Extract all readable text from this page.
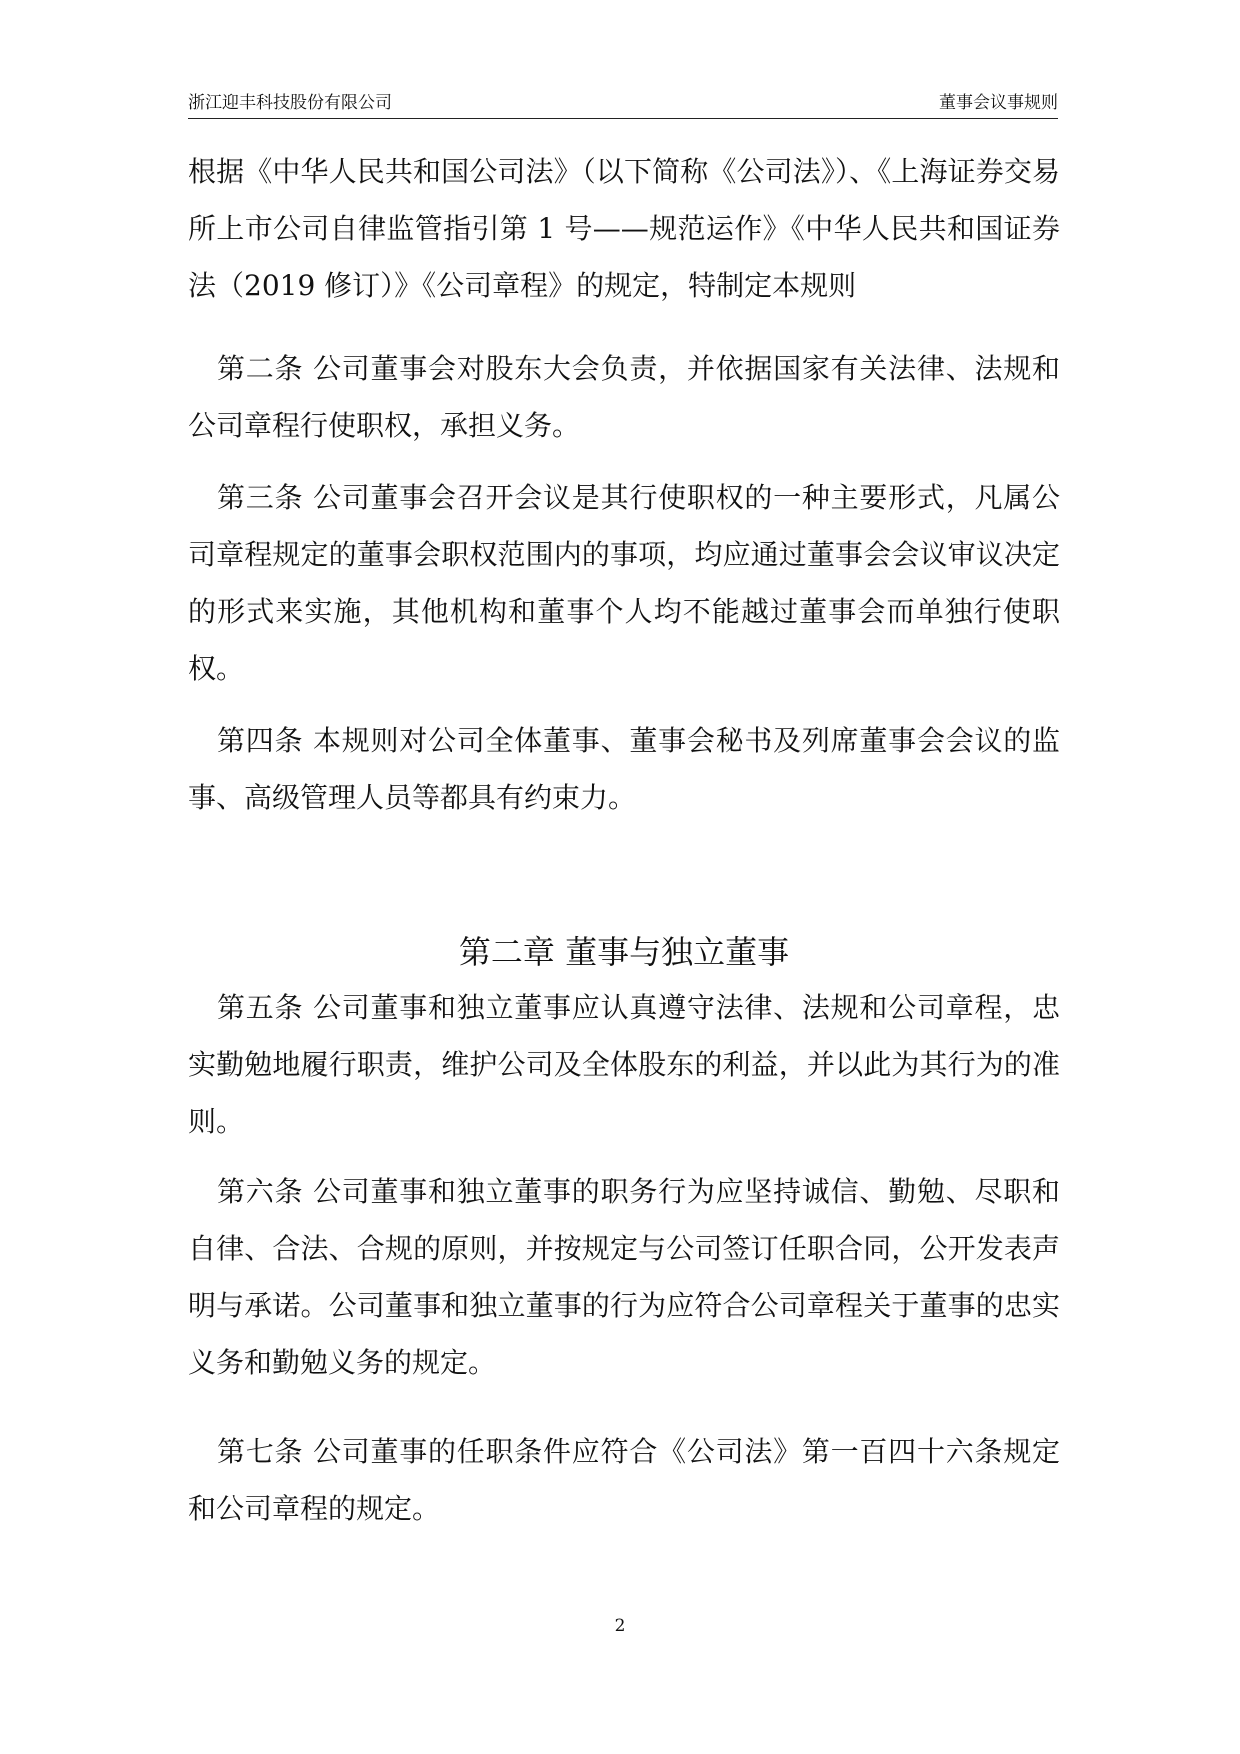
浙江迎丰科技股份有限公司	董事会议事规则

根据《中华人民共和国公司法》（以下简称《公司法》）、《上海证券交易所上市公司自律监管指引第 1 号——规范运作》《中华人民共和国证券法（2019 修订）》《公司章程》的规定，特制定本规则

第二条 公司董事会对股东大会负责，并依据国家有关法律、法规和公司章程行使职权，承担义务。

第三条 公司董事会召开会议是其行使职权的一种主要形式，凡属公司章程规定的董事会职权范围内的事项，均应通过董事会会议审议决定的形式来实施，其他机构和董事个人均不能越过董事会而单独行使职权。

第四条 本规则对公司全体董事、董事会秘书及列席董事会会议的监事、高级管理人员等都具有约束力。

第二章 董事与独立董事

第五条 公司董事和独立董事应认真遵守法律、法规和公司章程，忠实勤勉地履行职责，维护公司及全体股东的利益，并以此为其行为的准则。

第六条 公司董事和独立董事的职务行为应坚持诚信、勤勉、尽职和自律、合法、合规的原则，并按规定与公司签订任职合同，公开发表声明与承诺。公司董事和独立董事的行为应符合公司章程关于董事的忠实义务和勤勉义务的规定。

第七条 公司董事的任职条件应符合《公司法》第一百四十六条规定和公司章程的规定。

2
